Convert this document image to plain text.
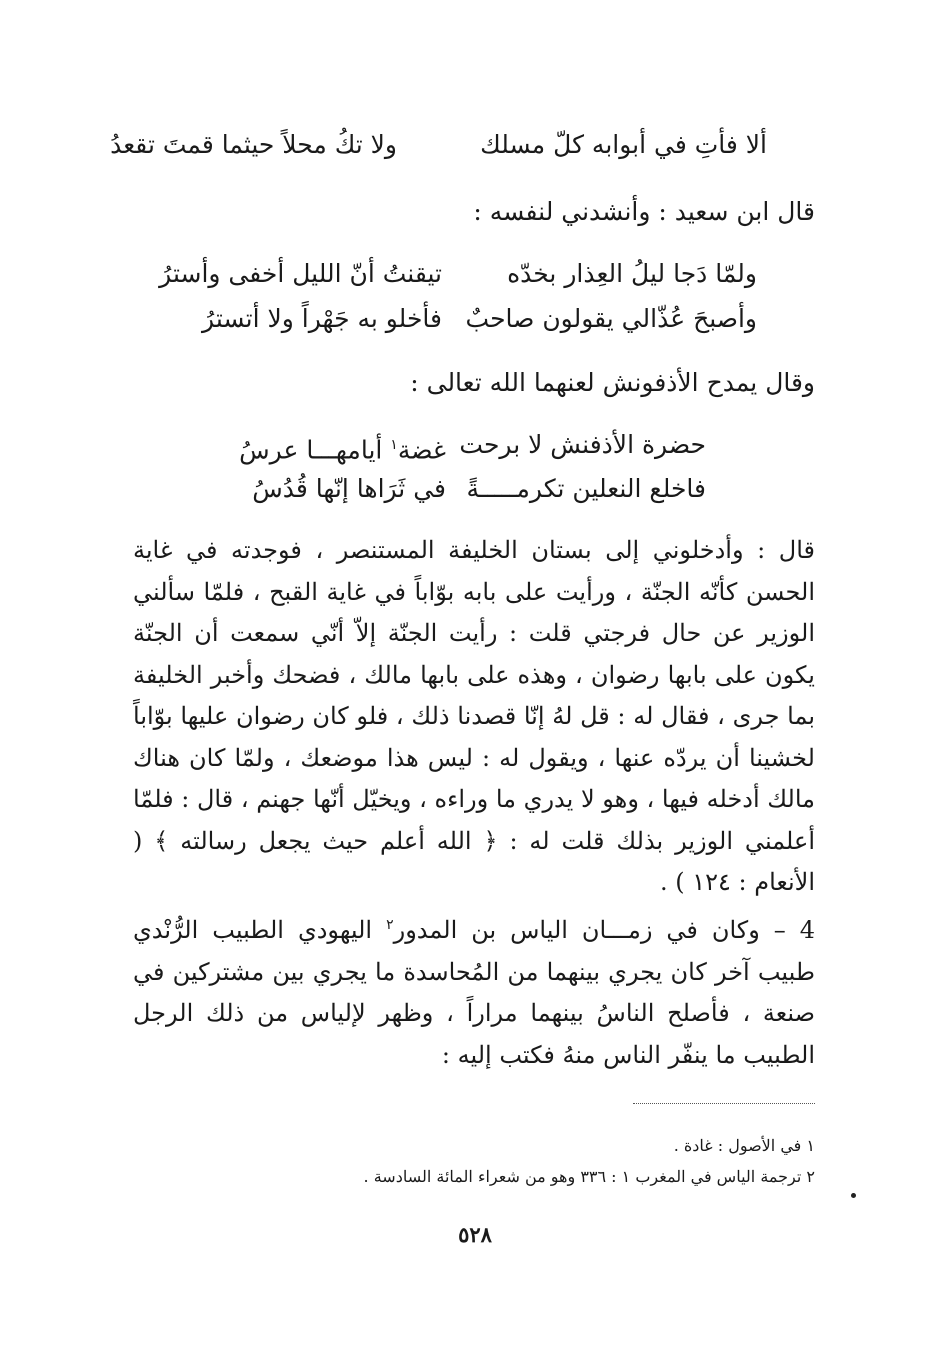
ألا فأتِ في أبوابه كلّ مسلك
ولا تكُ محلاً حيثما قمتَ تقعدُ
قال ابن سعيد : وأنشدني لنفسه :
ولمّا دَجا ليلُ العِذار بخدّه
تيقنتُ أنّ الليل أخفى وأسترُ
وأصبحَ عُذّالي يقولون صاحبٌ
فأخلو به جَهْراً ولا أتسترُ
وقال يمدح الأذفونش لعنهما الله تعالى :
حضرة الأذفنش لا برحت
غضة$^١$ أيامهـــا عرسُ
فاخلع النعلين تكرمـــــةً
في ثَرَاها إنّها قُدُسُ
قال : وأدخلوني إلى بستان الخليفة المستنصر ، فوجدته في غاية الحسن كأنّه الجنّة ، ورأيت على بابه بوّاباً في غاية القبح ، فلمّا سألني الوزير عن حال فرجتي قلت : رأيت الجنّة إلاّ أنّي سمعت أن الجنّة يكون على بابها رضوان ، وهذه على بابها مالك ، فضحك وأخبر الخليفة بما جرى ، فقال له : قل لهُ إنّا قصدنا ذلك ، فلو كان رضوان عليها بوّاباً لخشينا أن يردّه عنها ، ويقول له : ليس هذا موضعك ، ولمّا كان هناك مالك أدخله فيها ، وهو لا يدري ما وراءه ، ويخيّل أنّها جهنم ، قال : فلمّا أعلمني الوزير بذلك قلت له : ﴿ الله أعلم حيث يجعل رسالته ﴾ ( الأنعام : ١٢٤ ) .
4 – وكان في زمـــان الياس بن المدور$^٢$ اليهودي الطبيب الرُّنْدي طبيب آخر كان يجري بينهما من المُحاسدة ما يجري بين مشتركين في صنعة ، فأصلح الناسُ بينهما مراراً ، وظهر لإلياس من ذلك الرجل الطبيب ما ينفّر الناس منهُ فكتب إليه :
١ في الأصول : غادة .
٢ ترجمة الياس في المغرب ١ : ٣٣٦ وهو من شعراء المائة السادسة .
٥٢٨
